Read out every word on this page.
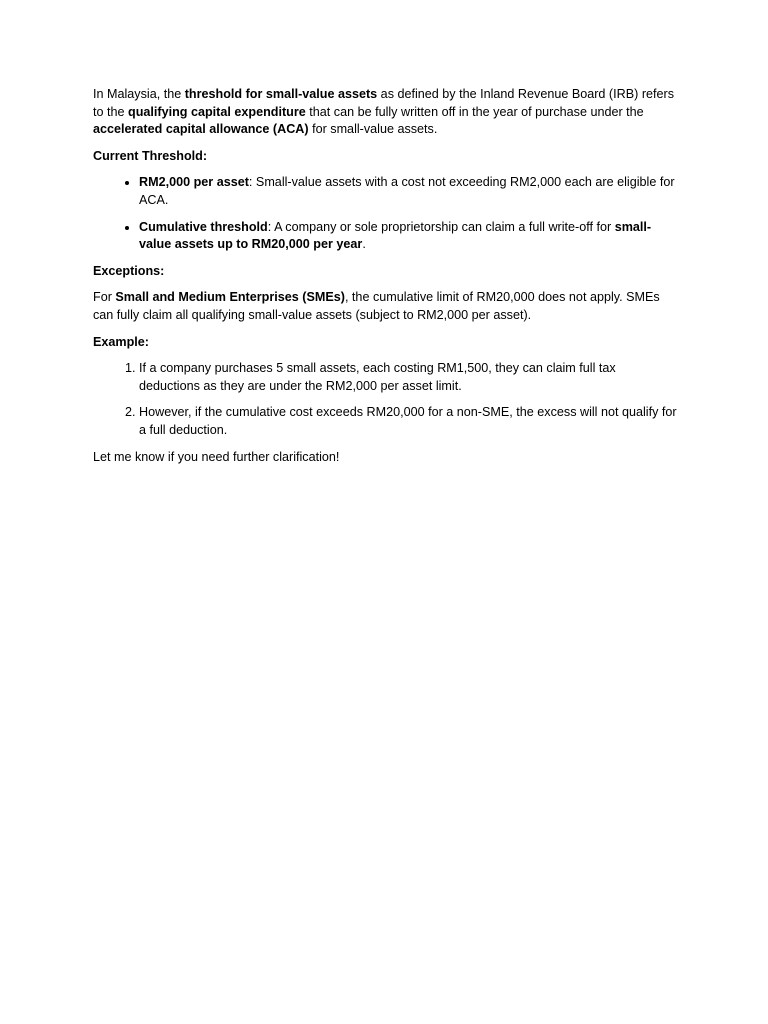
In Malaysia, the threshold for small-value assets as defined by the Inland Revenue Board (IRB) refers to the qualifying capital expenditure that can be fully written off in the year of purchase under the accelerated capital allowance (ACA) for small-value assets.

Current Threshold:

• RM2,000 per asset: Small-value assets with a cost not exceeding RM2,000 each are eligible for ACA.
• Cumulative threshold: A company or sole proprietorship can claim a full write-off for small-value assets up to RM20,000 per year.

Exceptions:

For Small and Medium Enterprises (SMEs), the cumulative limit of RM20,000 does not apply. SMEs can fully claim all qualifying small-value assets (subject to RM2,000 per asset).

Example:

1. If a company purchases 5 small assets, each costing RM1,500, they can claim full tax deductions as they are under the RM2,000 per asset limit.
2. However, if the cumulative cost exceeds RM20,000 for a non-SME, the excess will not qualify for a full deduction.

Let me know if you need further clarification!
